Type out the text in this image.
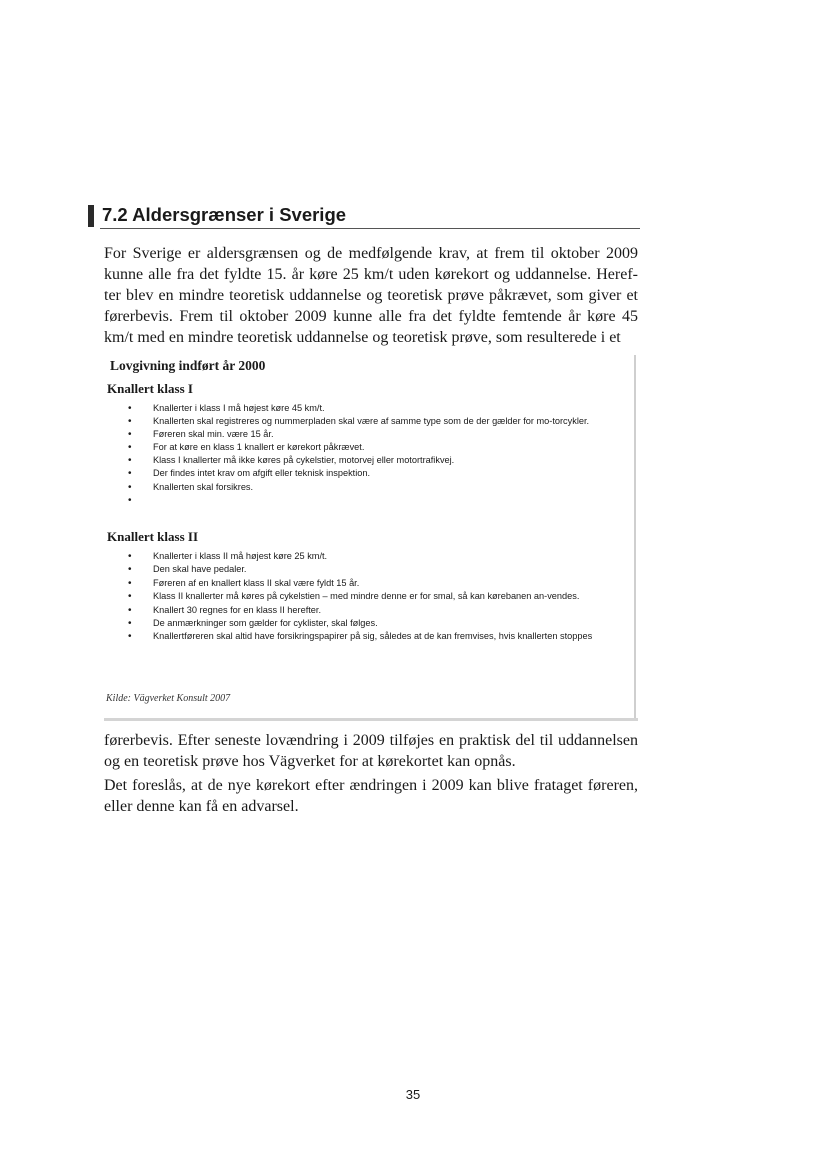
7.2 Aldersgrænser i Sverige

For Sverige er aldersgrænsen og de medfølgende krav, at frem til oktober 2009 kunne alle fra det fyldte 15. år køre 25 km/t uden kørekort og uddannelse. Heref-ter blev en mindre teoretisk uddannelse og teoretisk prøve påkrævet, som giver et førerbevis. Frem til oktober 2009 kunne alle fra det fyldte femtende år køre 45 km/t med en mindre teoretisk uddannelse og teoretisk prøve, som resulterede i et

Lovgivning indført år 2000
Knallert klass I
• Knallerter i klass I må højest køre 45 km/t.
• Knallerten skal registreres og nummerpladen skal være af samme type som de der gælder for mo-torcykler.
• Føreren skal min. være 15 år.
• For at køre en klass 1 knallert er kørekort påkrævet.
• Klass I knallerter må ikke køres på cykelstier, motorvej eller motortrafikvej.
• Der findes intet krav om afgift eller teknisk inspektion.
• Knallerten skal forsikres.
•
Knallert klass II
• Knallerter i klass II må højest køre 25 km/t.
• Den skal have pedaler.
• Føreren af en knallert klass II skal være fyldt 15 år.
• Klass II knallerter må køres på cykelstien – med mindre denne er for smal, så kan kørebanen an-vendes.
• Knallert 30 regnes for en klass II herefter.
• De anmærkninger som gælder for cyklister, skal følges.
• Knallertføreren skal altid have forsikringspapirer på sig, således at de kan fremvises, hvis knallerten stoppes
Kilde: Vägverket Konsult 2007

førerbevis. Efter seneste lovændring i 2009 tilføjes en praktisk del til uddannelsen og en teoretisk prøve hos Vägverket for at kørekortet kan opnås.

Det foreslås, at de nye kørekort efter ændringen i 2009 kan blive frataget føreren, eller denne kan få en advarsel.

35
